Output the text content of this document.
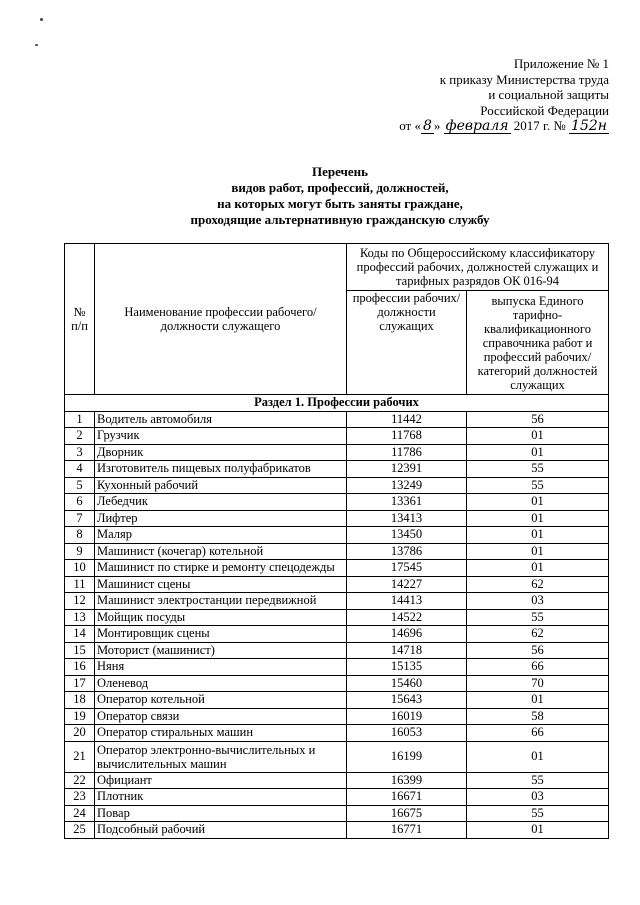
Приложение № 1
к приказу Министерства труда
и социальной защиты
Российской Федерации
от « 8 » февраля 2017 г. № 152н
Перечень
видов работ, профессий, должностей,
на которых могут быть заняты граждане,
проходящие альтернативную гражданскую службу
№ п/п	Наименование профессии рабочего/должности служащего	Коды по Общероссийскому классификатору профессий рабочих, должностей служащих и тарифных разрядов ОК 016-94	
		профессии рабочих/должности служащих	выпуска Единого тарифно-квалификационного справочника работ и профессий рабочих/категорий должностей служащих
Раздел 1. Профессии рабочих			
1	Водитель автомобиля	11442	56
2	Грузчик	11768	01
3	Дворник	11786	01
4	Изготовитель пищевых полуфабрикатов	12391	55
5	Кухонный рабочий	13249	55
6	Лебедчик	13361	01
7	Лифтер	13413	01
8	Маляр	13450	01
9	Машинист (кочегар) котельной	13786	01
10	Машинист по стирке и ремонту спецодежды	17545	01
11	Машинист сцены	14227	62
12	Машинист электростанции передвижной	14413	03
13	Мойщик посуды	14522	55
14	Монтировщик сцены	14696	62
15	Моторист (машинист)	14718	56
16	Няня	15135	66
17	Оленевод	15460	70
18	Оператор котельной	15643	01
19	Оператор связи	16019	58
20	Оператор стиральных машин	16053	66
21	Оператор электронно-вычислительных и вычислительных машин	16199	01
22	Официант	16399	55
23	Плотник	16671	03
24	Повар	16675	55
25	Подсобный рабочий	16771	01
